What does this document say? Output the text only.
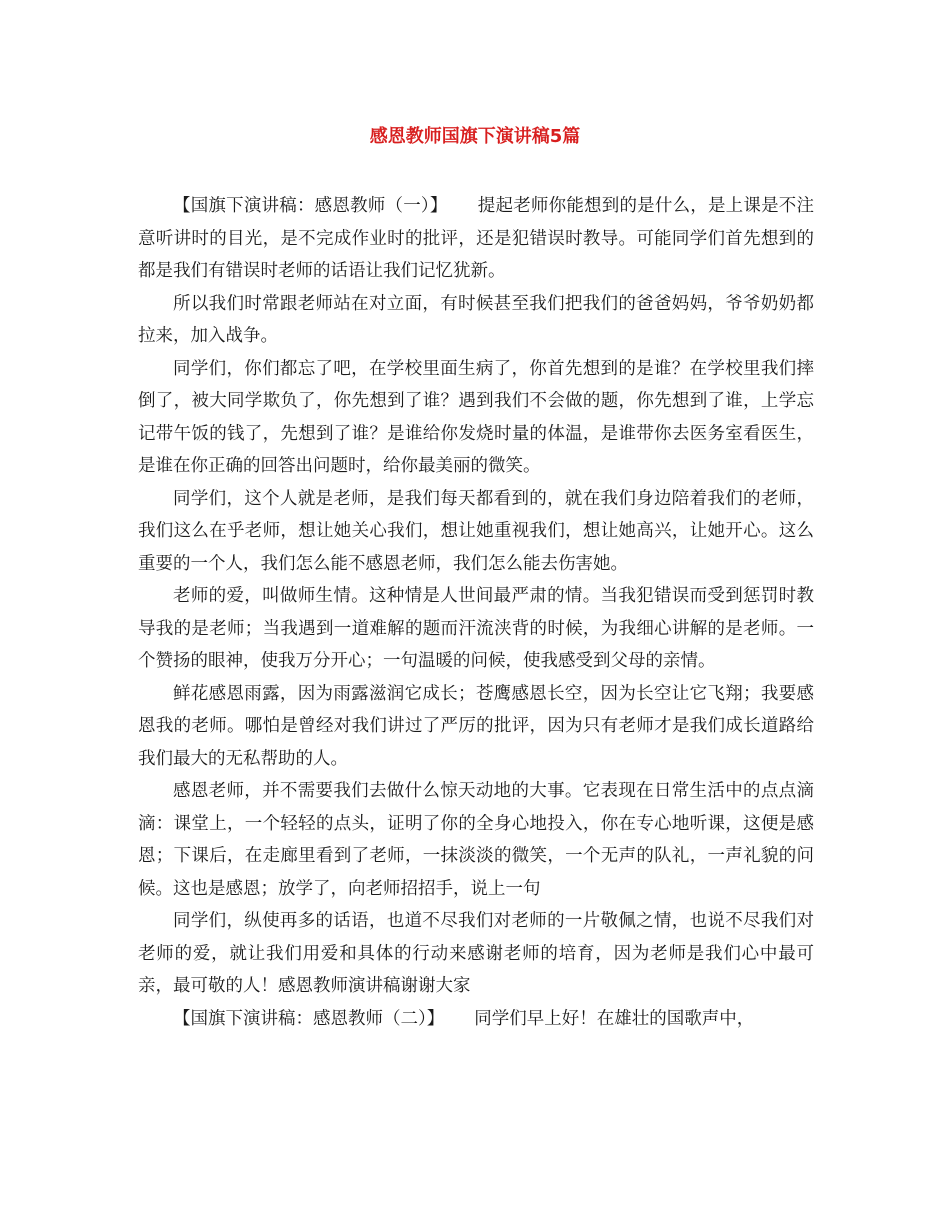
感恩教师国旗下演讲稿5篇

【国旗下演讲稿：感恩教师（一）】 提起老师你能想到的是什么，是上课是不注意听讲时的目光，是不完成作业时的批评，还是犯错误时教导。可能同学们首先想到的都是我们有错误时老师的话语让我们记忆犹新。

所以我们时常跟老师站在对立面，有时候甚至我们把我们的爸爸妈妈，爷爷奶奶都拉来，加入战争。

同学们，你们都忘了吧，在学校里面生病了，你首先想到的是谁？在学校里我们摔倒了，被大同学欺负了，你先想到了谁？遇到我们不会做的题，你先想到了谁，上学忘记带午饭的钱了，先想到了谁？是谁给你发烧时量的体温，是谁带你去医务室看医生，是谁在你正确的回答出问题时，给你最美丽的微笑。

同学们，这个人就是老师，是我们每天都看到的，就在我们身边陪着我们的老师，我们这么在乎老师，想让她关心我们，想让她重视我们，想让她高兴，让她开心。这么重要的一个人，我们怎么能不感恩老师，我们怎么能去伤害她。

老师的爱，叫做师生情。这种情是人世间最严肃的情。当我犯错误而受到惩罚时教导我的是老师；当我遇到一道难解的题而汗流浃背的时候，为我细心讲解的是老师。一个赞扬的眼神，使我万分开心；一句温暖的问候，使我感受到父母的亲情。

鲜花感恩雨露，因为雨露滋润它成长；苍鹰感恩长空，因为长空让它飞翔；我要感恩我的老师。哪怕是曾经对我们讲过了严厉的批评，因为只有老师才是我们成长道路给我们最大的无私帮助的人。

感恩老师，并不需要我们去做什么惊天动地的大事。它表现在日常生活中的点点滴滴：课堂上，一个轻轻的点头，证明了你的全身心地投入，你在专心地听课，这便是感恩；下课后，在走廊里看到了老师，一抹淡淡的微笑，一个无声的队礼，一声礼貌的问候。这也是感恩；放学了，向老师招招手，说上一句

同学们，纵使再多的话语，也道不尽我们对老师的一片敬佩之情，也说不尽我们对老师的爱，就让我们用爱和具体的行动来感谢老师的培育，因为老师是我们心中最可亲，最可敬的人！感恩教师演讲稿谢谢大家

【国旗下演讲稿：感恩教师（二）】 同学们早上好！在雄壮的国歌声中，
